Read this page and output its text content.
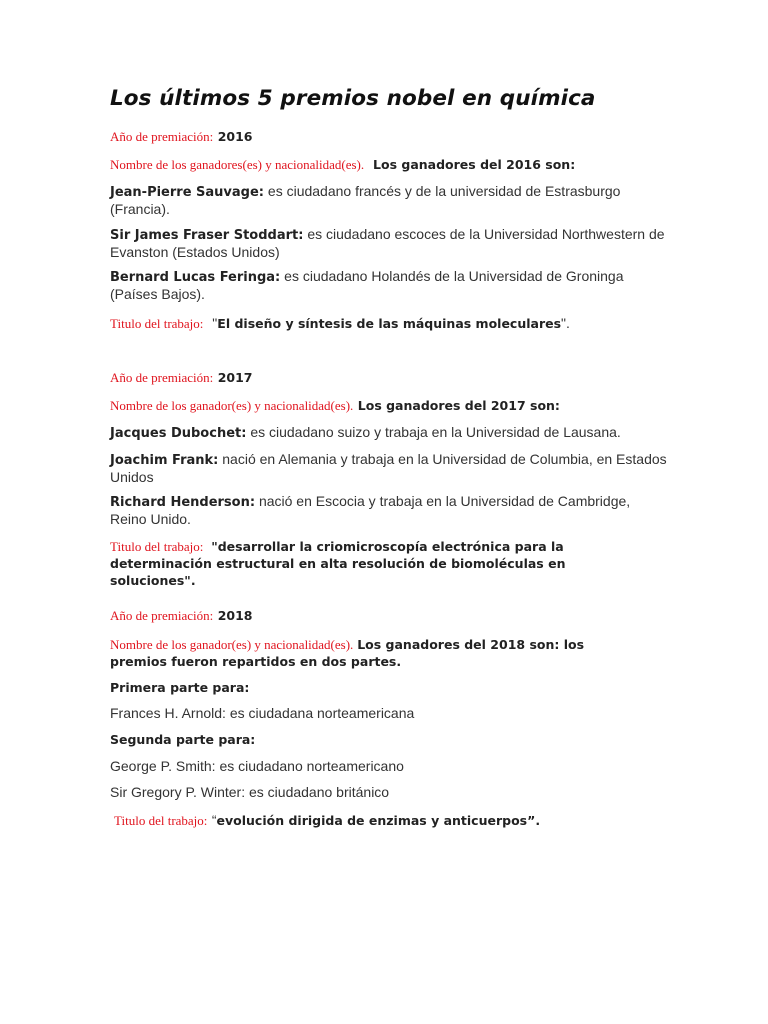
Los últimos 5 premios nobel en química

Año de premiación: 2016

Nombre de los ganadores(es) y nacionalidad(es). Los ganadores del 2016 son:

Jean-Pierre Sauvage: es ciudadano francés y de la universidad de Estrasburgo (Francia).

Sir James Fraser Stoddart: es ciudadano escoces de la Universidad Northwestern de Evanston (Estados Unidos)

Bernard Lucas Feringa: es ciudadano Holandés de la Universidad de Groninga (Países Bajos).

Titulo del trabajo: "El diseño y síntesis de las máquinas moleculares".

Año de premiación: 2017

Nombre de los ganador(es) y nacionalidad(es). Los ganadores del 2017 son:

Jacques Dubochet: es ciudadano suizo y trabaja en la Universidad de Lausana.

Joachim Frank: nació en Alemania y trabaja en la Universidad de Columbia, en Estados Unidos

Richard Henderson: nació en Escocia y trabaja en la Universidad de Cambridge, Reino Unido.

Titulo del trabajo: "desarrollar la criomicroscopía electrónica para la determinación estructural en alta resolución de biomoléculas en soluciones".

Año de premiación: 2018

Nombre de los ganador(es) y nacionalidad(es). Los ganadores del 2018 son: los premios fueron repartidos en dos partes.

Primera parte para:

Frances H. Arnold: es ciudadana norteamericana

Segunda parte para:

George P. Smith: es ciudadano norteamericano

Sir Gregory P. Winter: es ciudadano británico

Titulo del trabajo: “evolución dirigida de enzimas y anticuerpos”.
